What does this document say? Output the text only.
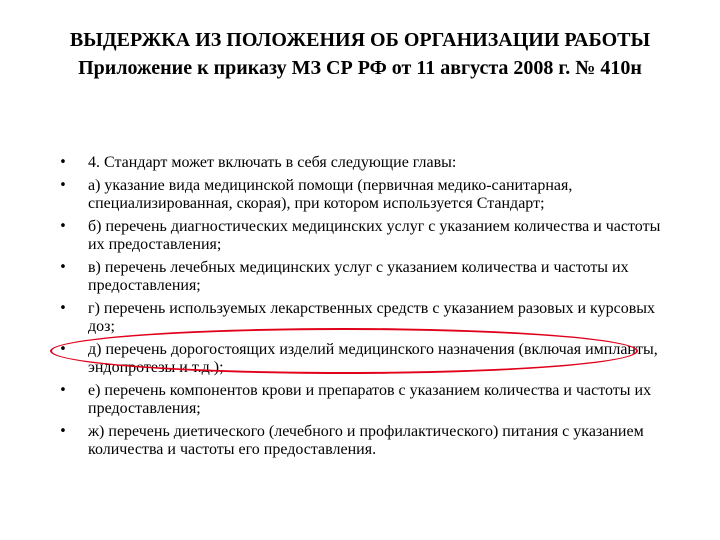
ВЫДЕРЖКА ИЗ ПОЛОЖЕНИЯ ОБ ОРГАНИЗАЦИИ РАБОТЫ
Приложение к приказу МЗ СР РФ от 11 августа 2008 г. № 410н
• 4. Стандарт может включать в себя следующие главы:
• а) указание вида медицинской помощи (первичная медико-санитарная, специализированная, скорая), при котором используется Стандарт;
• б) перечень диагностических медицинских услуг с указанием количества и частоты их предоставления;
• в) перечень лечебных медицинских услуг с указанием количества и частоты их предоставления;
• г) перечень используемых лекарственных средств с указанием разовых и курсовых доз;
• д) перечень дорогостоящих изделий медицинского назначения (включая импланты, эндопротезы и т.д.);
• е) перечень компонентов крови и препаратов с указанием количества и частоты их предоставления;
• ж) перечень диетического (лечебного и профилактического) питания с указанием количества и частоты его предоставления.
